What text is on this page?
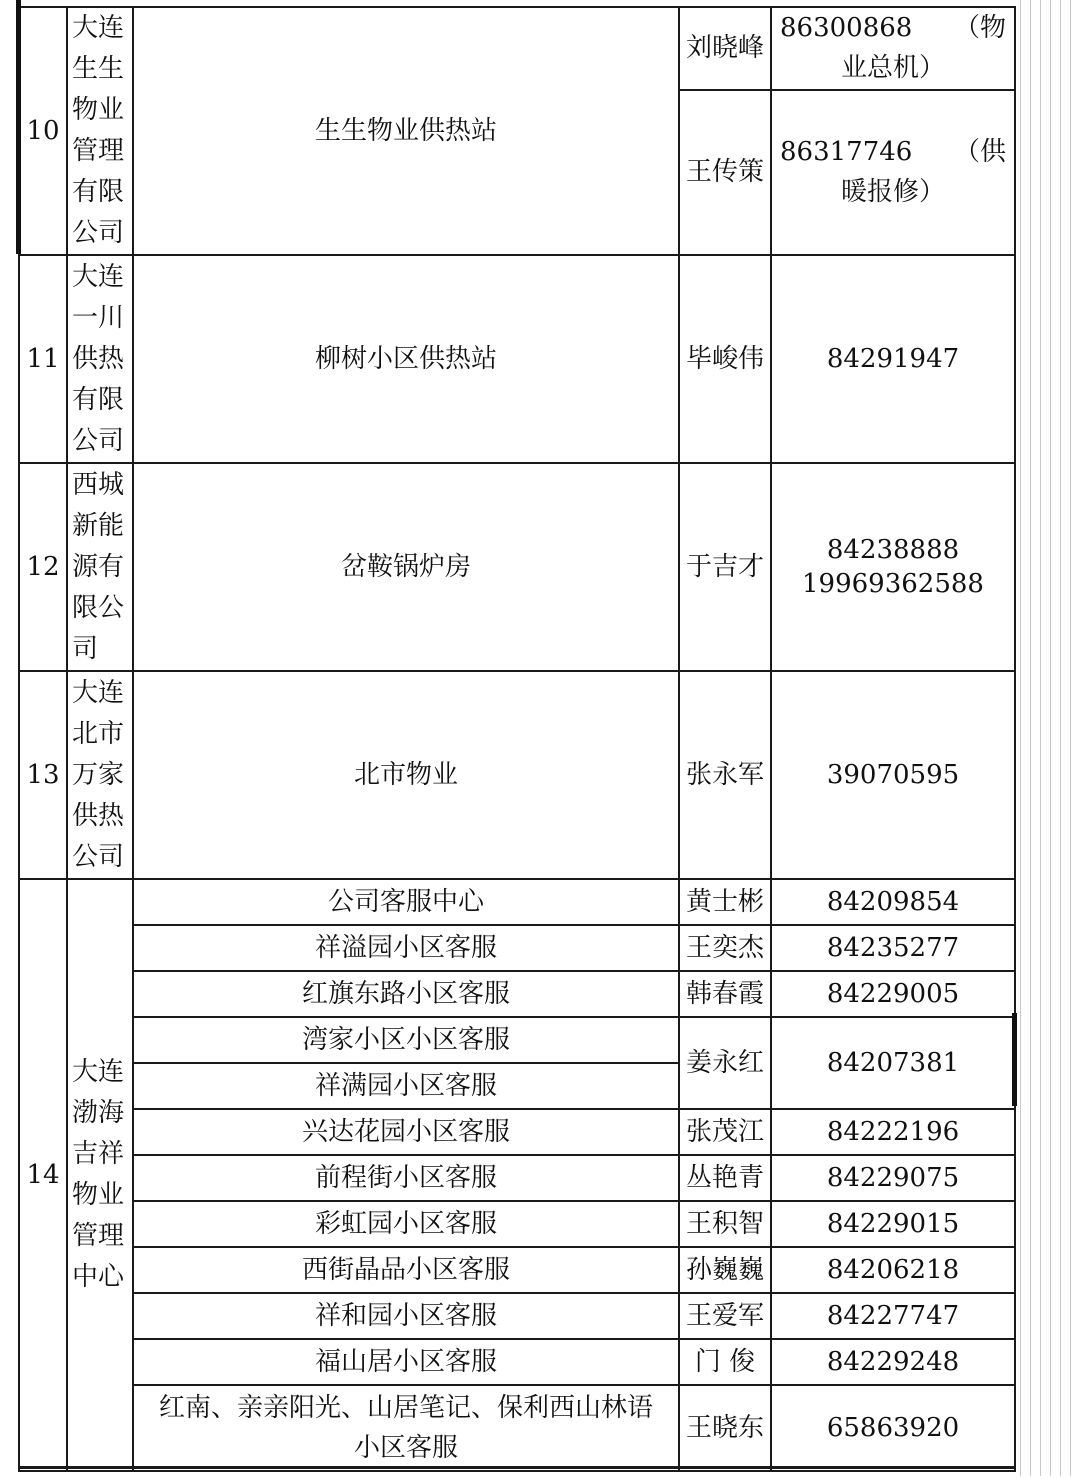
10	大连生生物业管理有限公司	生生物业供热站	刘晓峰	86300868 （物
业总机）

			王传策	86317746 （供
暖报修）

11	大连一川供热有限公司	柳树小区供热站	毕峻伟	84291947
12	西城新能源有限公司	岔鞍锅炉房	于吉才	84238888
19969362588

13	大连北市万家供热公司	北市物业	张永军	39070595
14	大连渤海吉祥物业管理中心	公司客服中心	黄士彬	84209854
		祥溢园小区客服	王奕杰	84235277
		红旗东路小区客服	韩春霞	84229005
		湾家小区小区客服	姜永红	84207381
		祥满园小区客服		
		兴达花园小区客服	张茂江	84222196
		前程街小区客服	丛艳青	84229075
		彩虹园小区客服	王积智	84229015
		西街晶品小区客服	孙巍巍	84206218
		祥和园小区客服	王爱军	84227747
		福山居小区客服	门 俊	84229248

		红南、亲亲阳光、山居笔记、保利西山林语
小区客服	王晓东	65863920
